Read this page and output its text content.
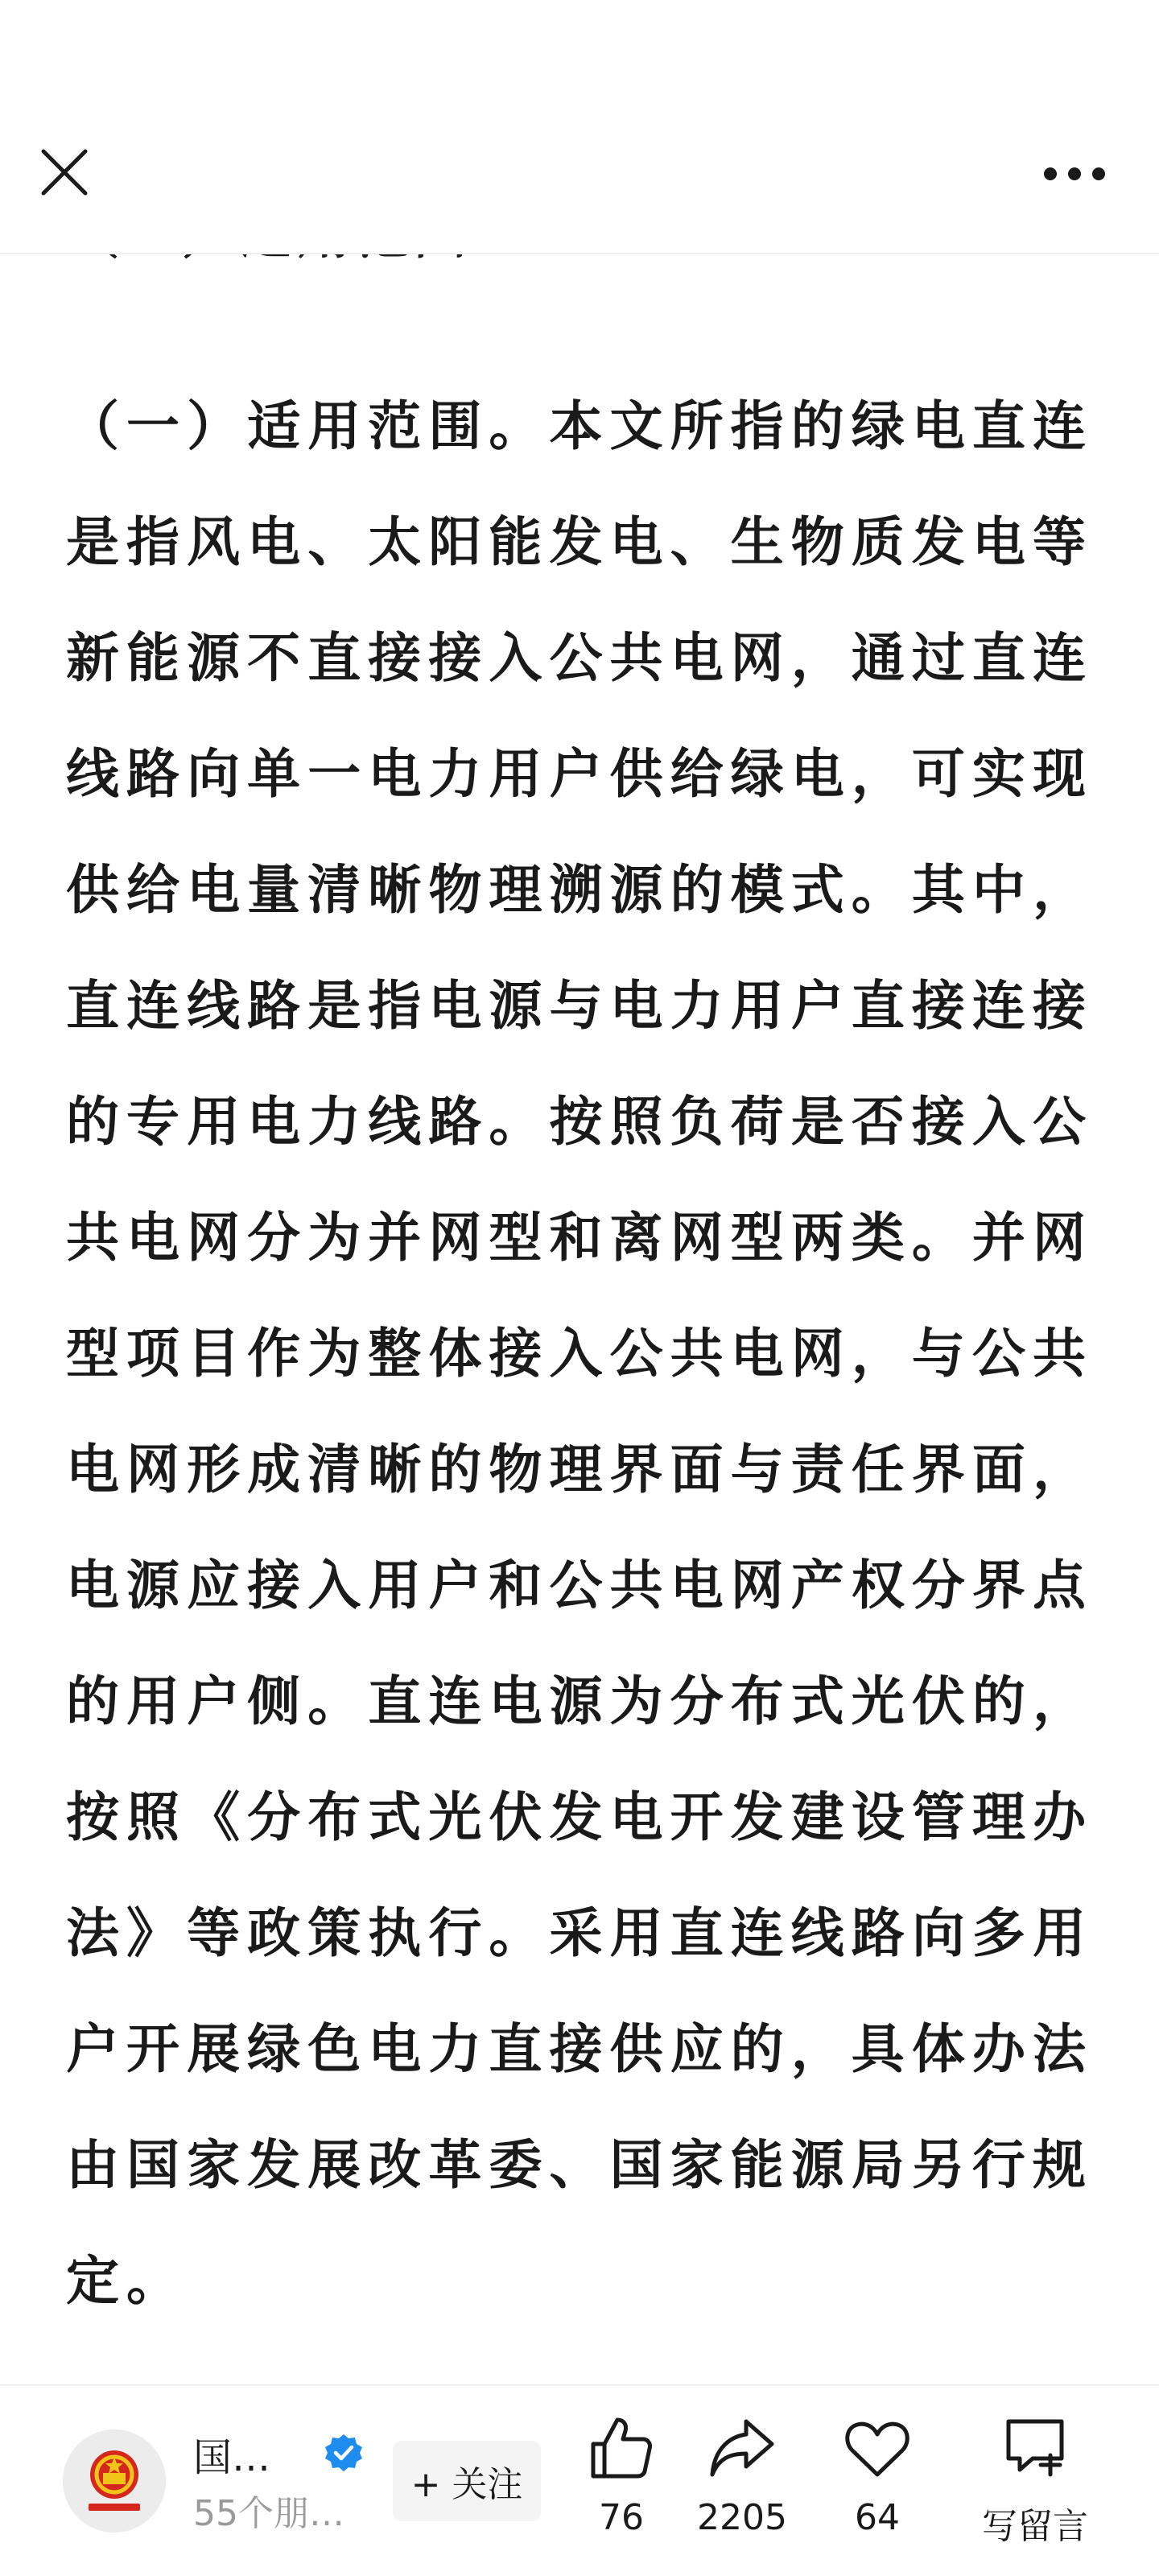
（一）适用范围。本文所指的绿电直连是指风电、太阳能发电、生物质发电等新能源不直接接入公共电网，通过直连线路向单一电力用户供给绿电，可实现供给电量清晰物理溯源的模式。其中，直连线路是指电源与电力用户直接连接的专用电力线路。按照负荷是否接入公共电网分为并网型和离网型两类。并网型项目作为整体接入公共电网，与公共电网形成清晰的物理界面与责任界面，电源应接入用户和公共电网产权分界点的用户侧。直连电源为分布式光伏的，按照《分布式光伏发电开发建设管理办法》等政策执行。采用直连线路向多用户开展绿色电力直接供应的，具体办法由国家发展改革委、国家能源局另行规定。
国…
55个朋…
+ 关注
76 2205 64 写留言
